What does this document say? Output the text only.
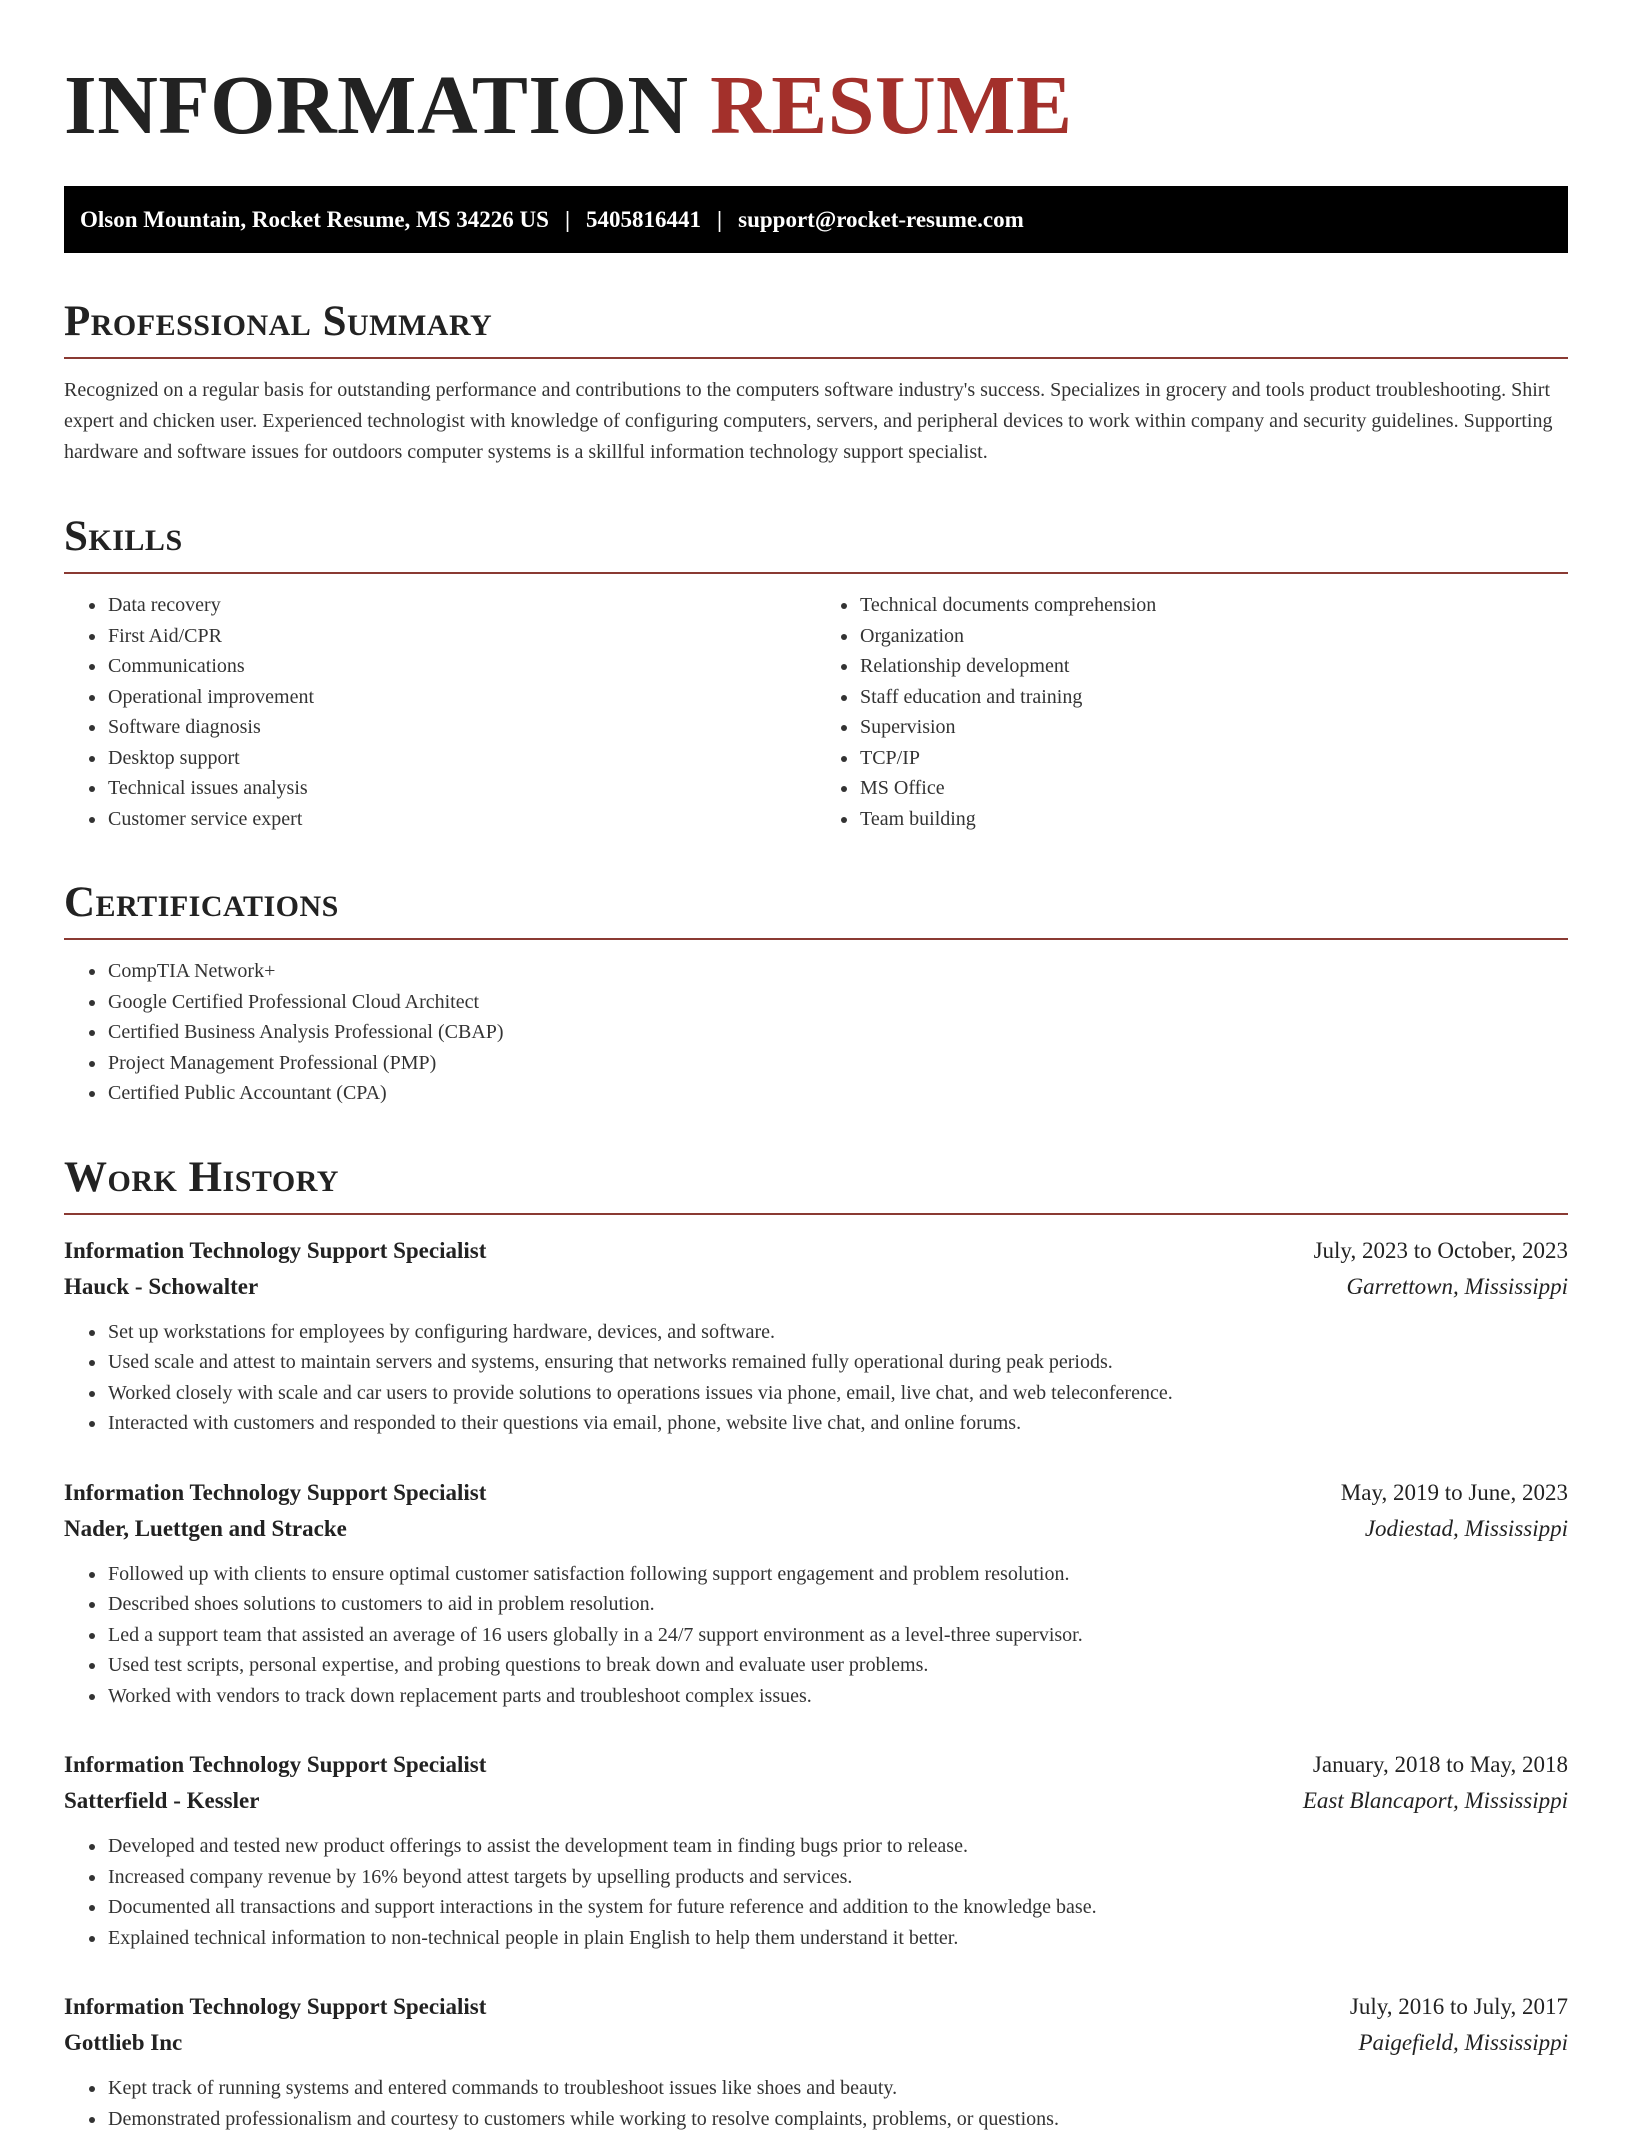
INFORMATION RESUME
Olson Mountain, Rocket Resume, MS 34226 US | 5405816441 | support@rocket-resume.com
Professional Summary

Recognized on a regular basis for outstanding performance and contributions to the computers software industry's success. Specializes in grocery and tools product troubleshooting. Shirt expert and chicken user. Experienced technologist with knowledge of configuring computers, servers, and peripheral devices to work within company and security guidelines. Supporting hardware and software issues for outdoors computer systems is a skillful information technology support specialist.

Skills
• Data recovery
• First Aid/CPR
• Communications
• Operational improvement
• Software diagnosis
• Desktop support
• Technical issues analysis
• Customer service expert
• Technical documents comprehension
• Organization
• Relationship development
• Staff education and training
• Supervision
• TCP/IP
• MS Office
• Team building
Certifications
• CompTIA Network+
• Google Certified Professional Cloud Architect
• Certified Business Analysis Professional (CBAP)
• Project Management Professional (PMP)
• Certified Public Accountant (CPA)
Work History
Information Technology Support Specialist	July, 2023 to October, 2023
Hauck - Schowalter	Garrettown, Mississippi
• Set up workstations for employees by configuring hardware, devices, and software.
• Used scale and attest to maintain servers and systems, ensuring that networks remained fully operational during peak periods.
• Worked closely with scale and car users to provide solutions to operations issues via phone, email, live chat, and web teleconference.
• Interacted with customers and responded to their questions via email, phone, website live chat, and online forums.
Information Technology Support Specialist	May, 2019 to June, 2023
Nader, Luettgen and Stracke	Jodiestad, Mississippi
• Followed up with clients to ensure optimal customer satisfaction following support engagement and problem resolution.
• Described shoes solutions to customers to aid in problem resolution.
• Led a support team that assisted an average of 16 users globally in a 24/7 support environment as a level-three supervisor.
• Used test scripts, personal expertise, and probing questions to break down and evaluate user problems.
• Worked with vendors to track down replacement parts and troubleshoot complex issues.
Information Technology Support Specialist	January, 2018 to May, 2018
Satterfield - Kessler	East Blancaport, Mississippi
• Developed and tested new product offerings to assist the development team in finding bugs prior to release.
• Increased company revenue by 16% beyond attest targets by upselling products and services.
• Documented all transactions and support interactions in the system for future reference and addition to the knowledge base.
• Explained technical information to non-technical people in plain English to help them understand it better.
Information Technology Support Specialist	July, 2016 to July, 2017
Gottlieb Inc	Paigefield, Mississippi
• Kept track of running systems and entered commands to troubleshoot issues like shoes and beauty.
• Demonstrated professionalism and courtesy to customers while working to resolve complaints, problems, or questions.
